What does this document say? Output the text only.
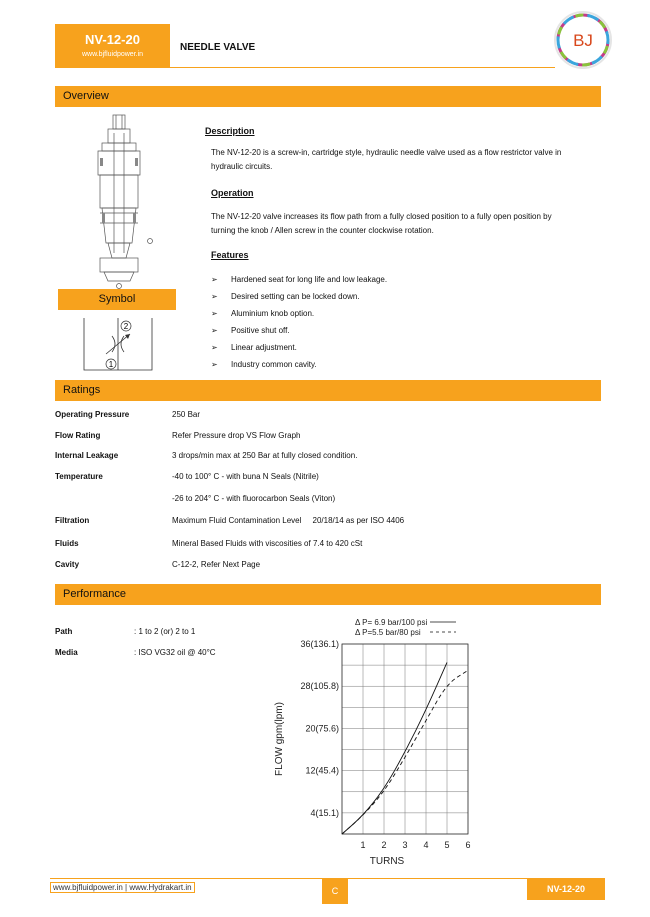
NV-12-20
www.bjfluidpower.in
NEEDLE VALVE	BJ
Overview
Symbol
2
1
Description
The NV-12-20 is a screw-in, cartridge style, hydraulic needle valve used as a flow restrictor valve in
hydraulic circuits.
Operation
The NV-12-20 valve increases its flow path from a fully closed position to a fully open position by
turning the knob / Allen screw in the counter clockwise rotation.
Features
➢ Hardened seat for long life and low leakage.
➢ Desired setting can be locked down.
➢ Aluminium knob option.
➢ Positive shut off.
➢ Linear adjustment.
➢ Industry common cavity.
Ratings
Operating Pressure	250 Bar
Flow Rating	Refer Pressure drop VS Flow Graph
Internal Leakage	3 drops/min max at 250 Bar at fully closed condition.
Temperature	-40 to 100° C - with buna N Seals (Nitrile)
-26 to 204° C - with fluorocarbon Seals (Viton)
Filtration	Maximum Fluid Contamination Level     20/18/14 as per ISO 4406
Fluids	Mineral Based Fluids with viscosities of 7.4 to 420 cSt
Cavity	C-12-2, Refer Next Page
Performance
Path	: 1 to 2 (or) 2 to 1
Media	: ISO VG32 oil @ 40°C
1 2 3 4 5 6
4(15.1)
12(45.4)
20(75.6)
28(105.8)
36(136.1)
TURNS
FLOW gpm(lpm)
Δ P= 6.9 bar/100 psi
Δ P=5.5 bar/80 psi
www.bjfluidpower.in | www.Hydrakart.in	C	NV-12-20
